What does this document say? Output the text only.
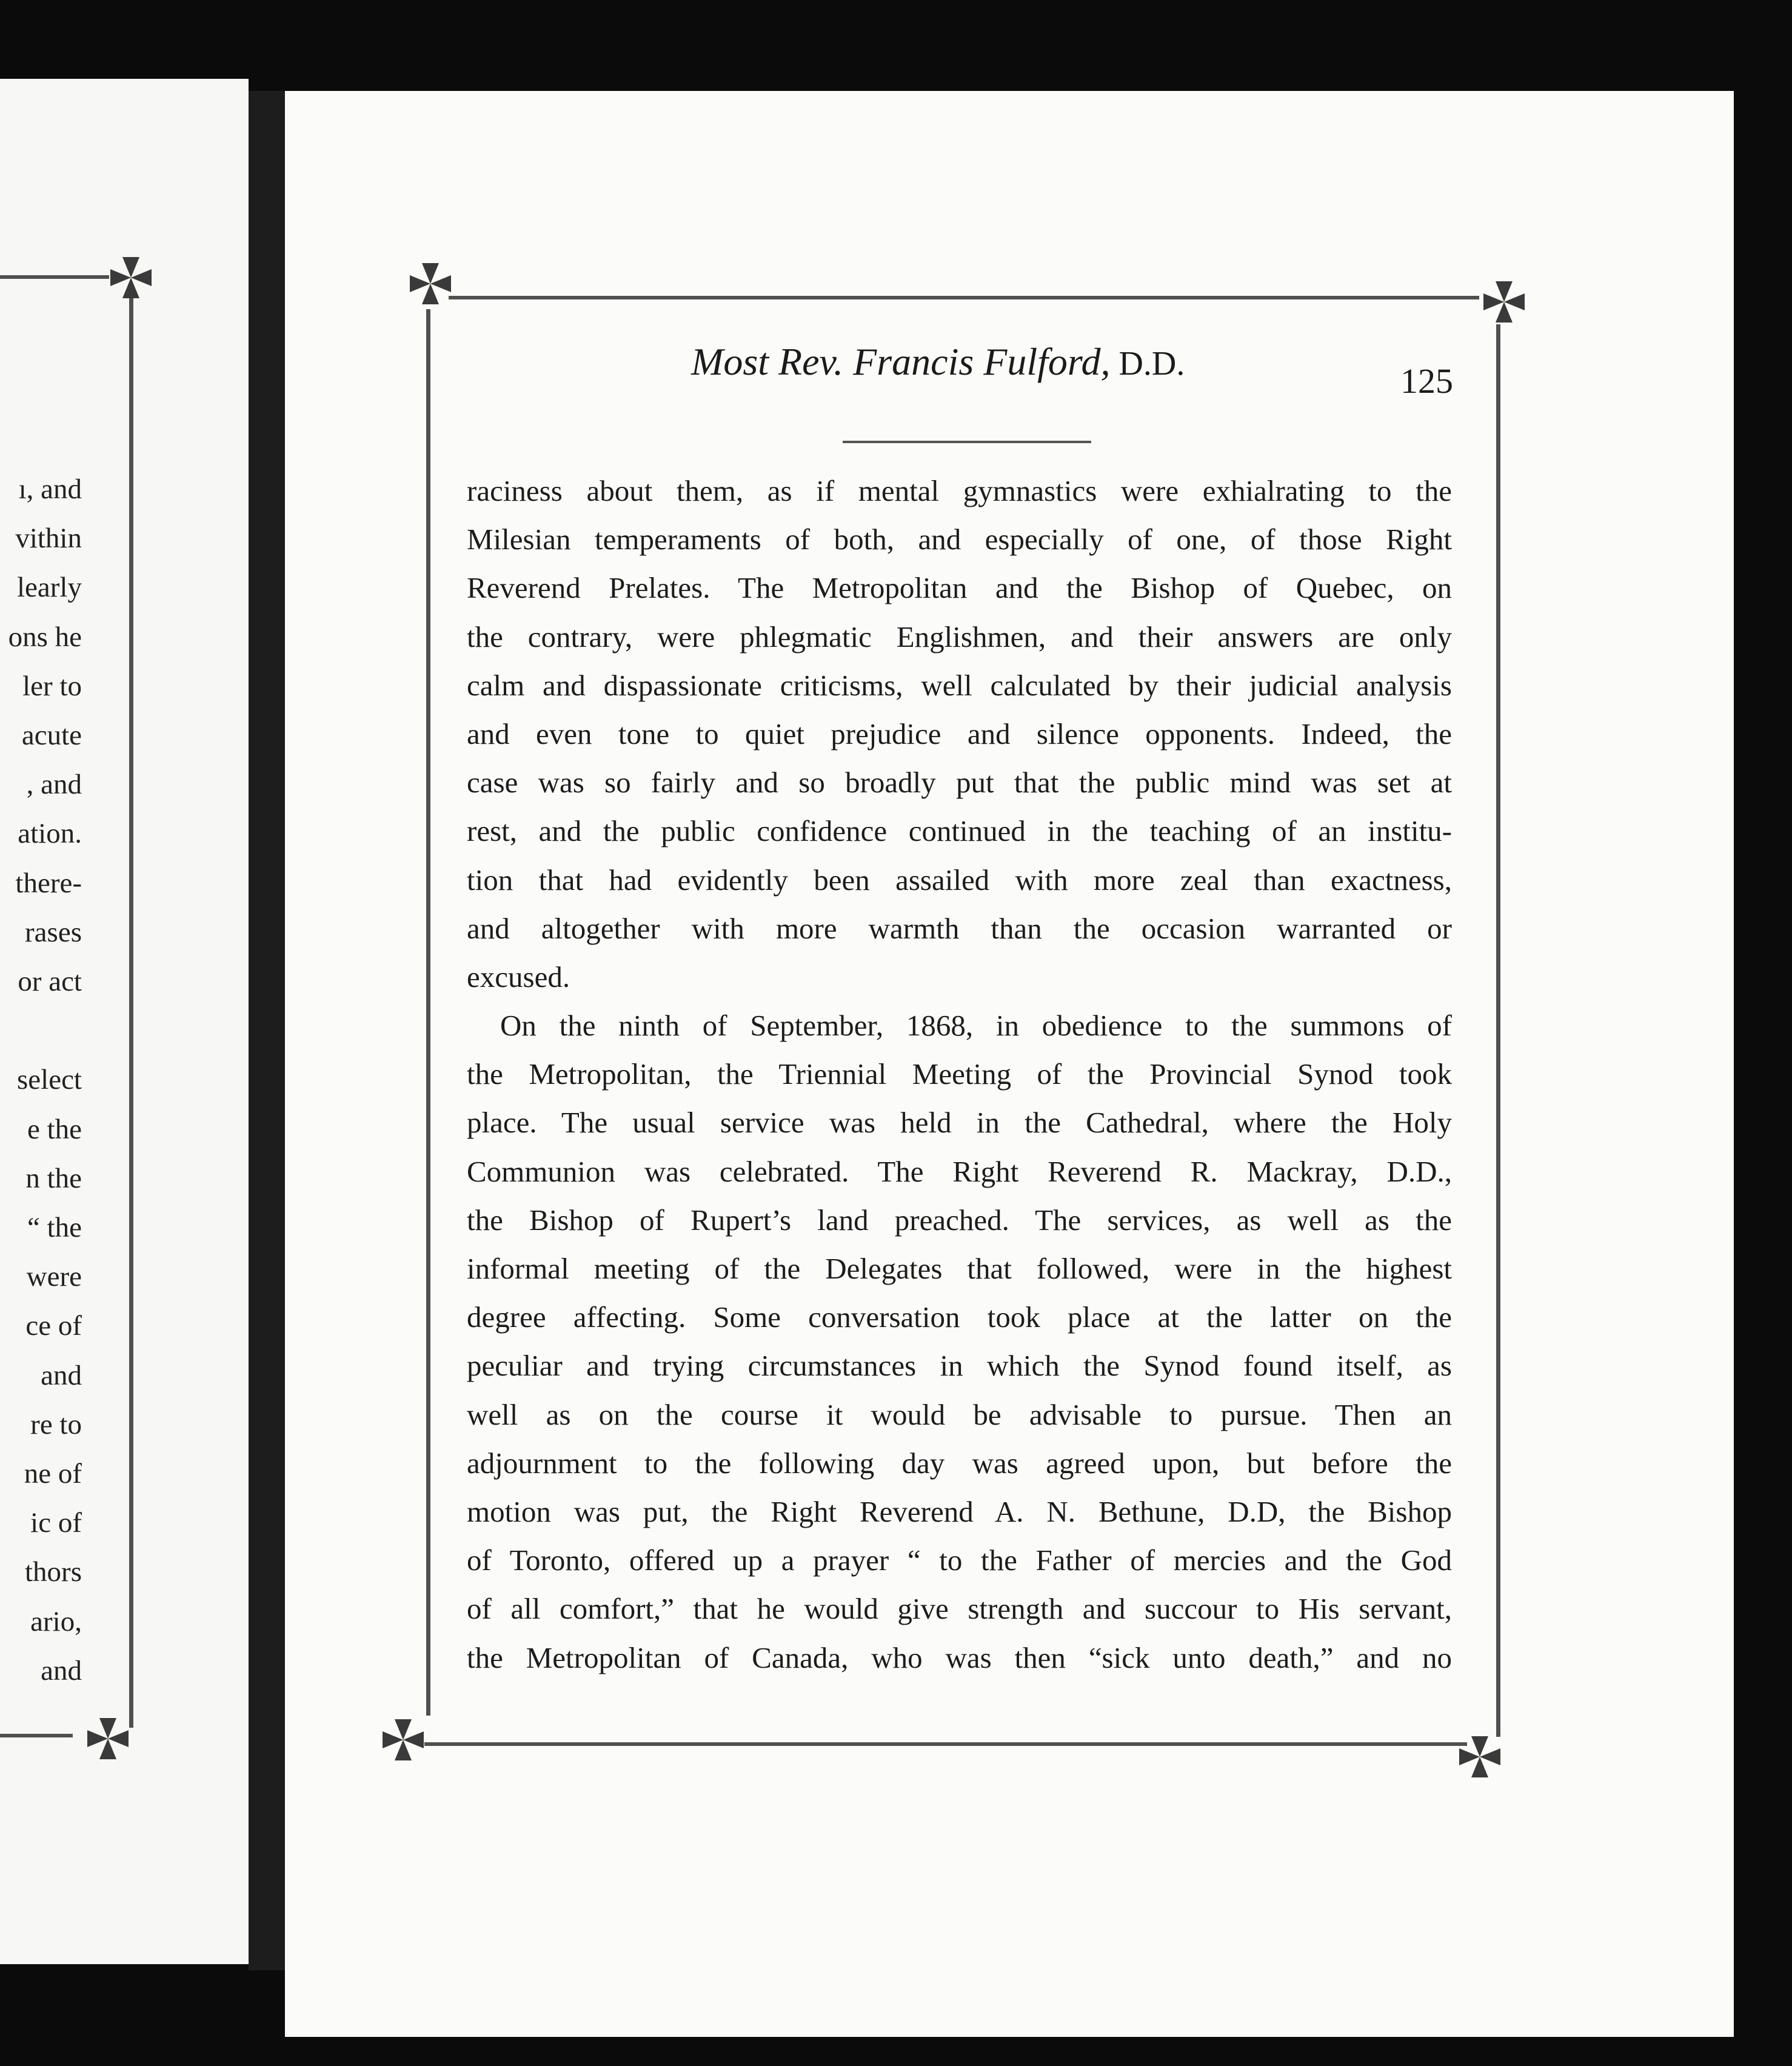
ı, and
vithin
learly
ons he
ler to
acute
, and
ation.
there-
rases
or act
select
e the
n the
“ the
were
ce of
and
re to
ne of
ic of
thors
ario,
and
Most Rev. Francis Fulford, D.D.	125
raciness about them, as if mental gymnastics were exhialrating to the
Milesian temperaments of both, and especially of one, of those Right
Reverend Prelates. The Metropolitan and the Bishop of Quebec, on
the contrary, were phlegmatic Englishmen, and their answers are only
calm and dispassionate criticisms, well calculated by their judicial analysis
and even tone to quiet prejudice and silence opponents. Indeed, the
case was so fairly and so broadly put that the public mind was set at
rest, and the public confidence continued in the teaching of an institu-
tion that had evidently been assailed with more zeal than exactness,
and altogether with more warmth than the occasion warranted or
excused.
On the ninth of September, 1868, in obedience to the summons of
the Metropolitan, the Triennial Meeting of the Provincial Synod took
place. The usual service was held in the Cathedral, where the Holy
Communion was celebrated. The Right Reverend R. Mackray, D.D.,
the Bishop of Rupert’s land preached. The services, as well as the
informal meeting of the Delegates that followed, were in the highest
degree affecting. Some conversation took place at the latter on the
peculiar and trying circumstances in which the Synod found itself, as
well as on the course it would be advisable to pursue. Then an
adjournment to the following day was agreed upon, but before the
motion was put, the Right Reverend A. N. Bethune, D.D, the Bishop
of Toronto, offered up a prayer “ to the Father of mercies and the God
of all comfort,” that he would give strength and succour to His servant,
the Metropolitan of Canada, who was then “sick unto death,” and no
